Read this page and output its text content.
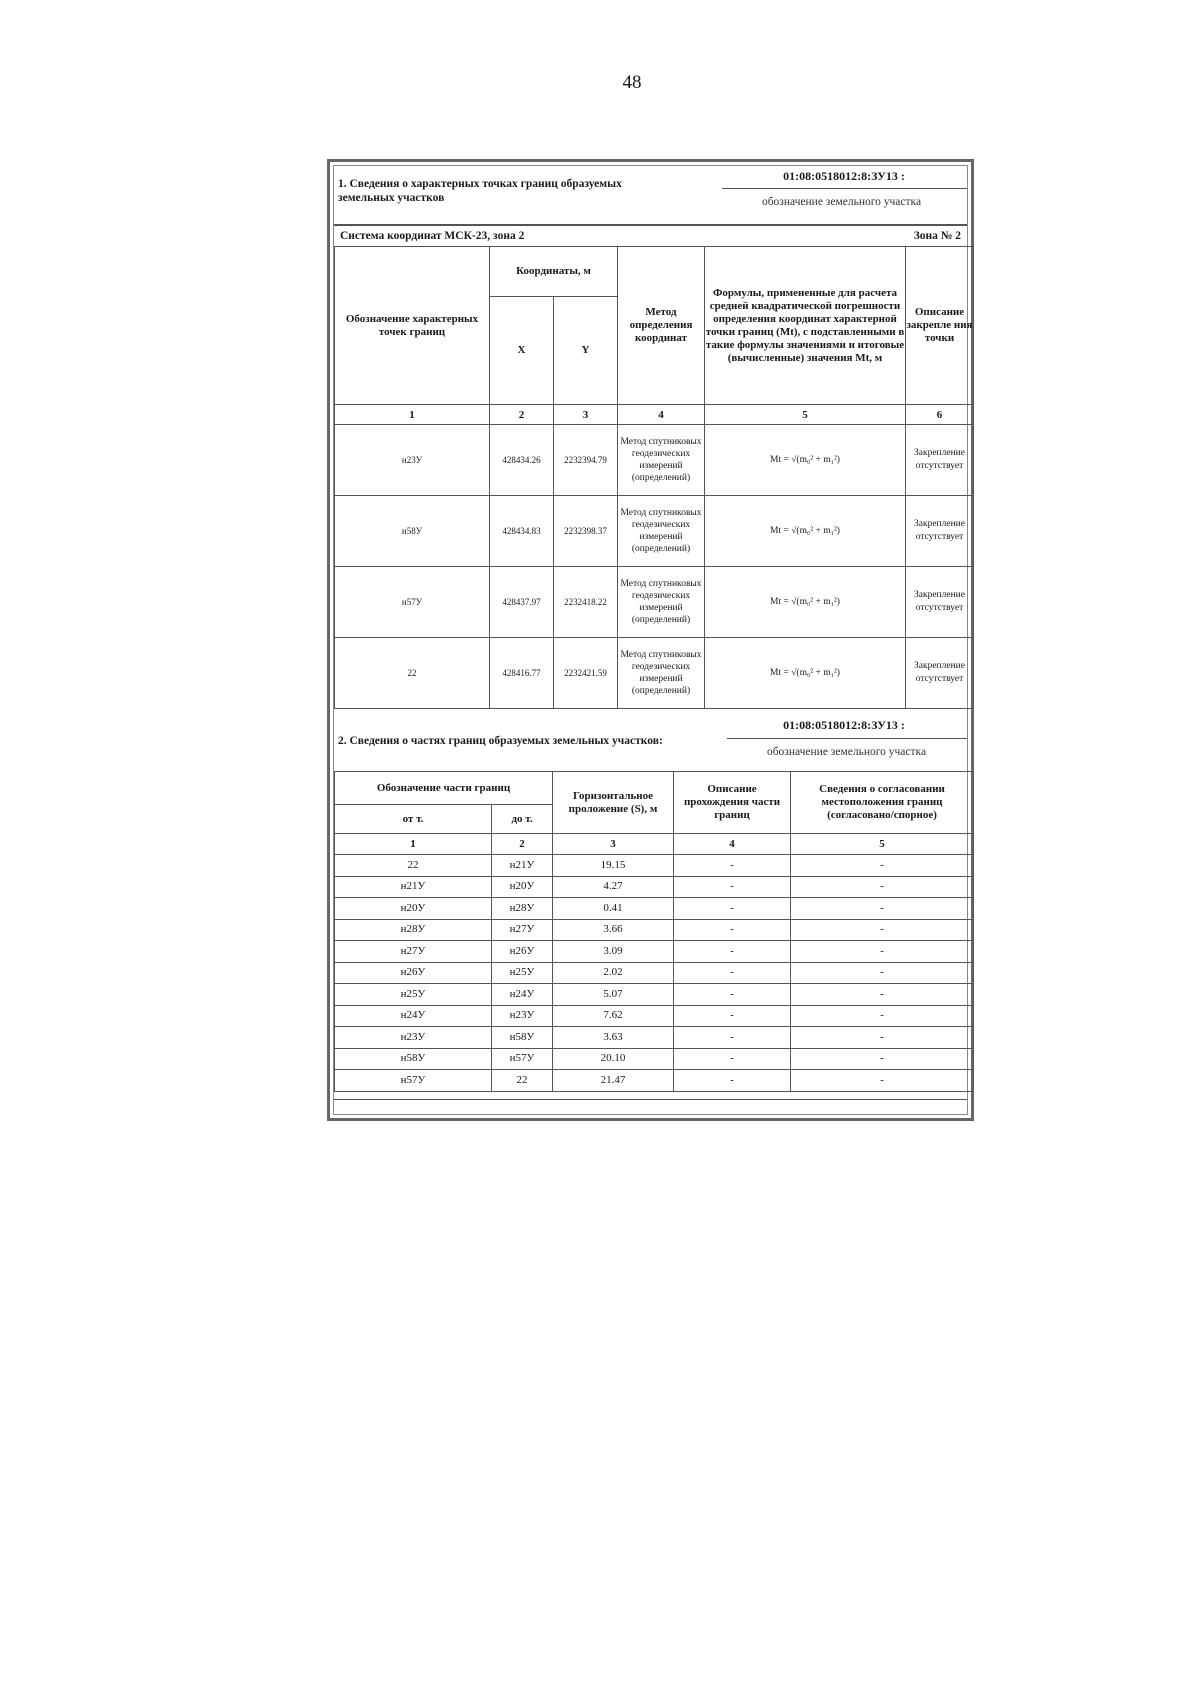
48
1. Сведения о характерных точках границ образуемых
земельных участков
01:08:0518012:8:ЗУ13 :
обозначение земельного участка
Система координат МСК-23, зона 2	Зона № 2
Обозначение характерных точек границ	Координаты, м		Метод определения координат	Формулы, примененные для расчета средней квадратической погрешности определения координат характерной точки границ (Mt), с подставленными в такие формулы значениями и итоговые (вычисленные) значения Mt, м	Описание закрепле ния точки
	X	Y			
1	2	3	4	5	6
н23У	428434.26	2232394.79	Метод спутниковых геодезических измерений (определений)	Mt = √(m₀² + m₁²)	Закрепление отсутствует
н58У	428434.83	2232398.37	Метод спутниковых геодезических измерений (определений)	Mt = √(m₀² + m₁²)	Закрепление отсутствует
н57У	428437.97	2232418.22	Метод спутниковых геодезических измерений (определений)	Mt = √(m₀² + m₁²)	Закрепление отсутствует
22	428416.77	2232421.59	Метод спутниковых геодезических измерений (определений)	Mt = √(m₀² + m₁²)	Закрепление отсутствует
01:08:0518012:8:ЗУ13 :
2. Сведения о частях границ образуемых земельных участков:
обозначение земельного участка
Обозначение части границ		Горизонтальное проложение (S), м	Описание прохождения части границ	Сведения о согласовании местоположения границ (согласовано/спорное)
от т.	до т.			
1	2	3	4	5
22	н21У	19.15	-	-
н21У	н20У	4.27	-	-
н20У	н28У	0.41	-	-
н28У	н27У	3.66	-	-
н27У	н26У	3.09	-	-
н26У	н25У	2.02	-	-
н25У	н24У	5.07	-	-
н24У	н23У	7.62	-	-
н23У	н58У	3.63	-	-
н58У	н57У	20.10	-	-
н57У	22	21.47	-	-
